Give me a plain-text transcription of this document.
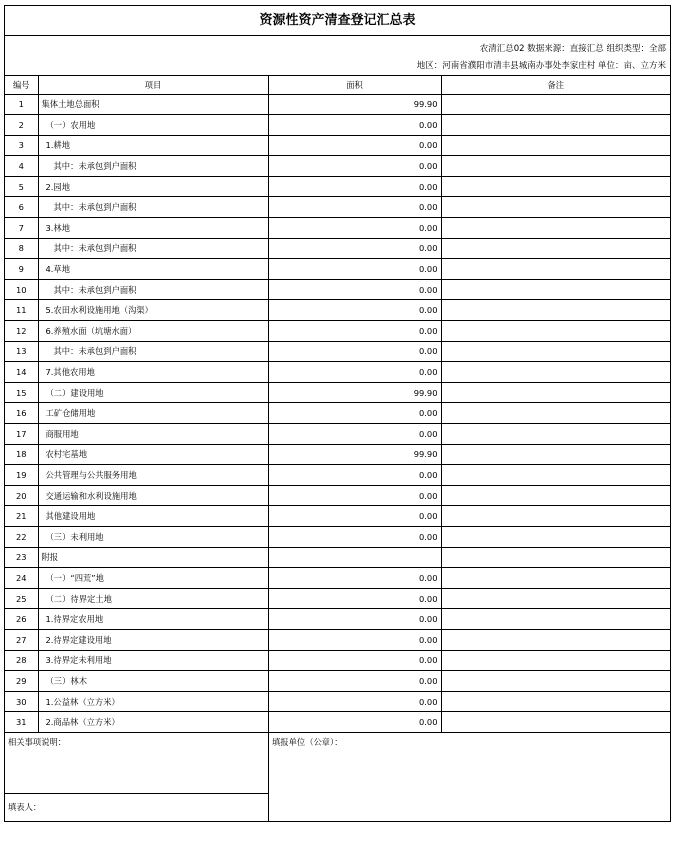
资源性资产清查登记汇总表
农清汇总02 数据来源：直接汇总 组织类型：全部
地区：河南省濮阳市清丰县城南办事处李家庄村 单位：亩、立方米
编号	项目	面积	备注
1	集体土地总面积	99.90	
2	（一）农用地	0.00	
3	1.耕地	0.00	
4	其中：未承包到户面积	0.00	
5	2.园地	0.00	
6	其中：未承包到户面积	0.00	
7	3.林地	0.00	
8	其中：未承包到户面积	0.00	
9	4.草地	0.00	
10	其中：未承包到户面积	0.00	
11	5.农田水利设施用地（沟渠）	0.00	
12	6.养殖水面（坑塘水面）	0.00	
13	其中：未承包到户面积	0.00	
14	7.其他农用地	0.00	
15	（二）建设用地	99.90	
16	工矿仓储用地	0.00	
17	商服用地	0.00	
18	农村宅基地	99.90	
19	公共管理与公共服务用地	0.00	
20	交通运输和水利设施用地	0.00	
21	其他建设用地	0.00	
22	（三）未利用地	0.00	
23	附报		
24	（一）“四荒”地	0.00	
25	（二）待界定土地	0.00	
26	1.待界定农用地	0.00	
27	2.待界定建设用地	0.00	
28	3.待界定未利用地	0.00	
29	（三）林木	0.00	
30	1.公益林（立方米）	0.00	
31	2.商品林（立方米）	0.00	
相关事项说明：
填表人：
填报单位（公章）：
